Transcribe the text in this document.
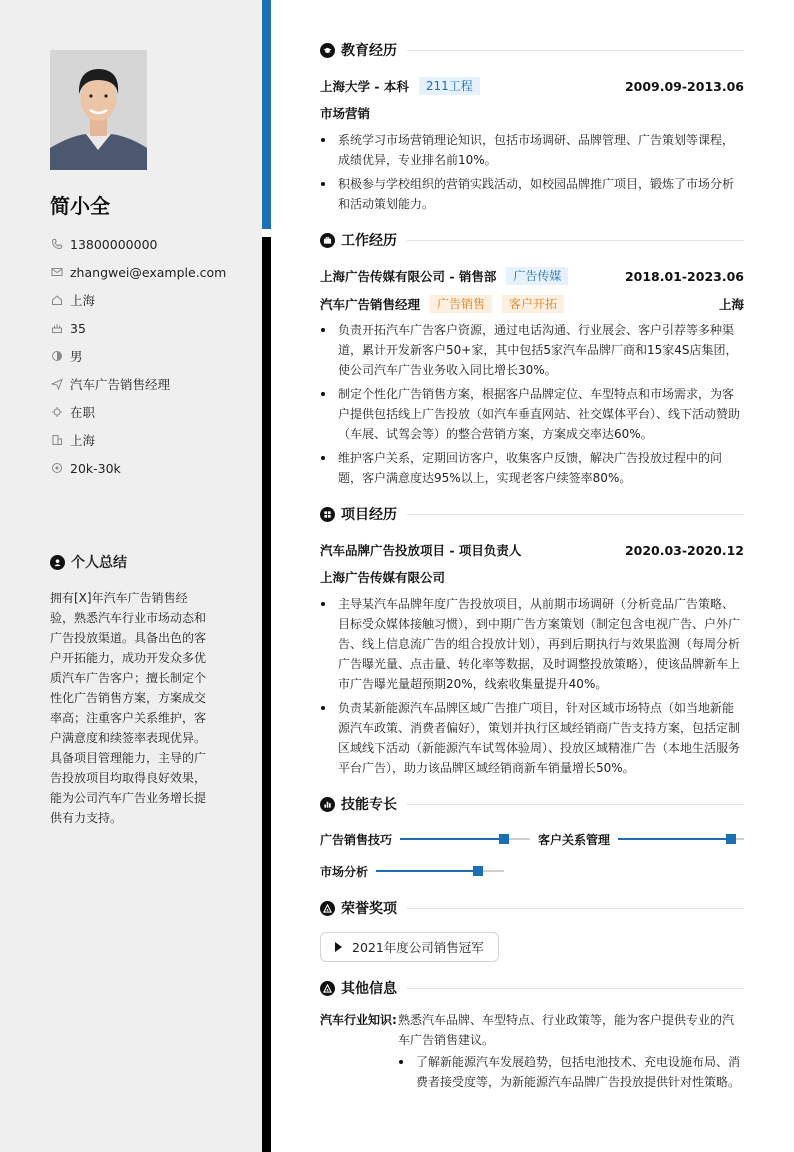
简小全
13800000000
zhangwei@example.com
上海
35
男
汽车广告销售经理
在职
上海
20k-30k
个人总结
拥有[X]年汽车广告销售经验，熟悉汽车行业市场动态和广告投放渠道。具备出色的客户开拓能力，成功开发众多优质汽车广告客户；擅长制定个性化广告销售方案，方案成交率高；注重客户关系维护，客户满意度和续签率表现优异。具备项目管理能力，主导的广告投放项目均取得良好效果，能为公司汽车广告业务增长提供有力支持。
教育经历
上海大学 - 本科	211工程	2009.09-2013.06
市场营销
系统学习市场营销理论知识，包括市场调研、品牌管理、广告策划等课程，成绩优异，专业排名前10%。
积极参与学校组织的营销实践活动，如校园品牌推广项目，锻炼了市场分析和活动策划能力。
工作经历
上海广告传媒有限公司 - 销售部	广告传媒	2018.01-2023.06
汽车广告销售经理	广告销售	客户开拓	上海
负责开拓汽车广告客户资源，通过电话沟通、行业展会、客户引荐等多种渠道，累计开发新客户50+家，其中包括5家汽车品牌厂商和15家4S店集团，使公司汽车广告业务收入同比增长30%。
制定个性化广告销售方案，根据客户品牌定位、车型特点和市场需求，为客户提供包括线上广告投放（如汽车垂直网站、社交媒体平台）、线下活动赞助（车展、试驾会等）的整合营销方案，方案成交率达60%。
维护客户关系，定期回访客户，收集客户反馈，解决广告投放过程中的问题，客户满意度达95%以上，实现老客户续签率80%。
项目经历
汽车品牌广告投放项目 - 项目负责人	2020.03-2020.12
上海广告传媒有限公司
主导某汽车品牌年度广告投放项目，从前期市场调研（分析竞品广告策略、目标受众媒体接触习惯），到中期广告方案策划（制定包含电视广告、户外广告、线上信息流广告的组合投放计划），再到后期执行与效果监测（每周分析广告曝光量、点击量、转化率等数据，及时调整投放策略），使该品牌新车上市广告曝光量超预期20%，线索收集量提升40%。
负责某新能源汽车品牌区域广告推广项目，针对区域市场特点（如当地新能源汽车政策、消费者偏好），策划并执行区域经销商广告支持方案，包括定制区域线下活动（新能源汽车试驾体验周）、投放区域精准广告（本地生活服务平台广告），助力该品牌区域经销商新车销量增长50%。
技能专长
广告销售技巧	客户关系管理
市场分析
荣誉奖项
2021年度公司销售冠军
其他信息
汽车行业知识: 熟悉汽车品牌、车型特点、行业政策等，能为客户提供专业的汽车广告销售建议。
了解新能源汽车发展趋势，包括电池技术、充电设施布局、消费者接受度等，为新能源汽车品牌广告投放提供针对性策略。
